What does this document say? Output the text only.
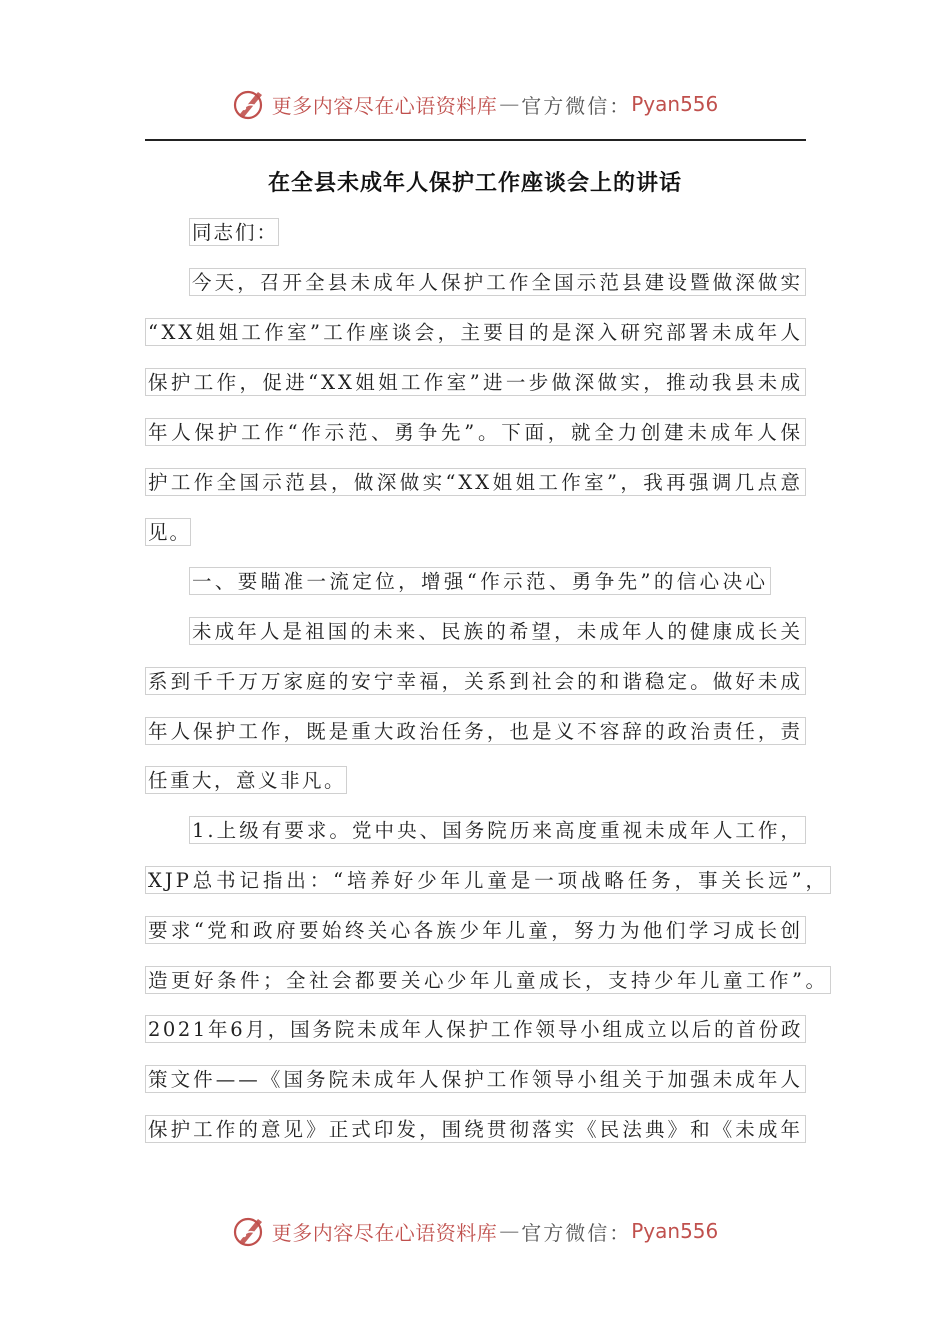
更多内容尽在心语资料库 — 官方微信： Pyan556
在全县未成年人保护工作座谈会上的讲话
同志们：
今天，召开全县未成年人保护工作全国示范县建设暨做深做实
“XX姐姐工作室”工作座谈会，主要目的是深入研究部署未成年人
保护工作，促进“XX姐姐工作室”进一步做深做实，推动我县未成
年人保护工作“作示范、勇争先”。下面，就全力创建未成年人保
护工作全国示范县，做深做实“XX姐姐工作室”，我再强调几点意
见。
一、要瞄准一流定位，增强“作示范、勇争先”的信心决心
未成年人是祖国的未来、民族的希望，未成年人的健康成长关
系到千千万万家庭的安宁幸福，关系到社会的和谐稳定。做好未成
年人保护工作，既是重大政治任务，也是义不容辞的政治责任，责
任重大，意义非凡。
1.上级有要求。党中央、国务院历来高度重视未成年人工作，
XJP总书记指出：“培养好少年儿童是一项战略任务，事关长远”，
要求“党和政府要始终关心各族少年儿童，努力为他们学习成长创
造更好条件；全社会都要关心少年儿童成长，支持少年儿童工作”。
2021年6月，国务院未成年人保护工作领导小组成立以后的首份政
策文件——《国务院未成年人保护工作领导小组关于加强未成年人
保护工作的意见》正式印发，围绕贯彻落实《民法典》和《未成年
更多内容尽在心语资料库 — 官方微信： Pyan556
